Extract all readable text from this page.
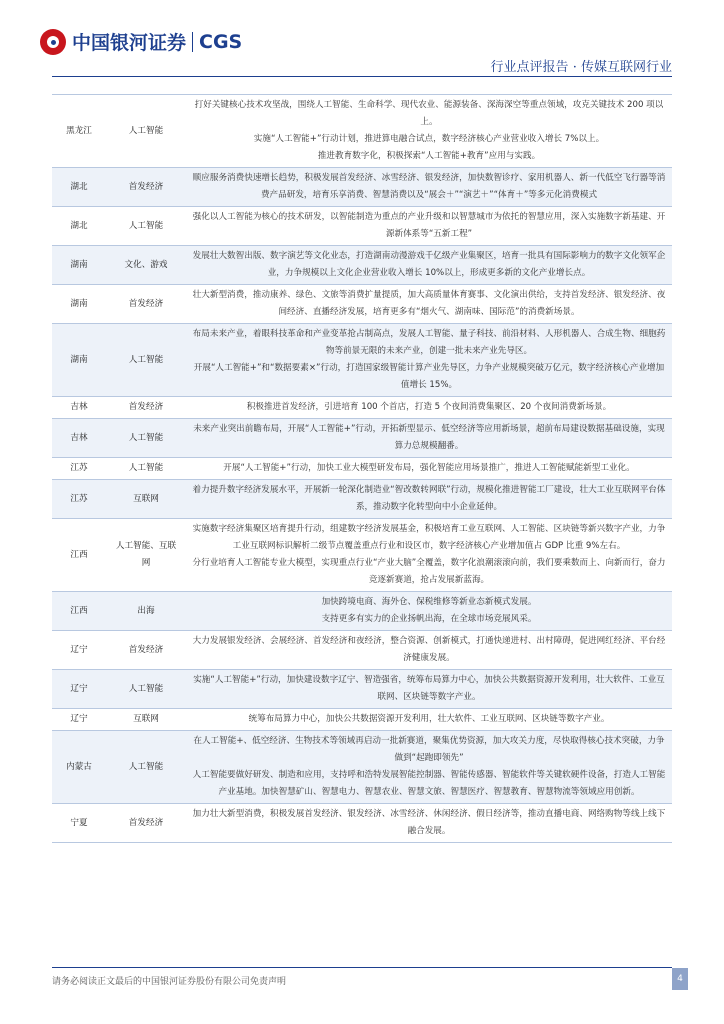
中国银河证券 CGS
行业点评报告 · 传媒互联网行业
黑龙江	人工智能	打好关键核心技术攻坚战，围绕人工智能、生命科学、现代农业、能源装备、深海深空等重点领域，攻克关键技术 200 项以上。

实施“人工智能+”行动计划，推进算电融合试点，数字经济核心产业营业收入增长 7%以上。

推进教育数字化，积极探索“人工智能+教育”应用与实践。

湖北	首发经济	顺应服务消费快速增长趋势，积极发展首发经济、冰雪经济、银发经济，加快数智诊疗、家用机器人、新一代低空飞行器等消费产品研发，培育乐享消费、智慧消费以及“展会＋”“演艺＋”“体育＋”等多元化消费模式

湖北	人工智能	强化以人工智能为核心的技术研发，以智能制造为重点的产业升级和以智慧城市为依托的智慧应用，深入实施数字新基建、开源新体系等“五新工程”

湖南	文化、游戏	发展壮大数智出版、数字演艺等文化业态，打造湖南动漫游戏千亿级产业集聚区，培育一批具有国际影响力的数字文化领军企业，力争规模以上文化企业营业收入增长 10%以上，形成更多新的文化产业增长点。

湖南	首发经济	壮大新型消费，推动康养、绿色、文旅等消费扩量提质，加大高质量体育赛事、文化演出供给，支持首发经济、银发经济、夜间经济、直播经济发展，培育更多有“烟火气、湖南味、国际范”的消费新场景。

湖南	人工智能	布局未来产业，着眼科技革命和产业变革抢占制高点，发展人工智能、量子科技、前沿材料、人形机器人、合成生物、细胞药物等前景无限的未来产业，创建一批未来产业先导区。

开展“人工智能+”和“数据要素×”行动，打造国家级智能计算产业先导区，力争产业规模突破万亿元，数字经济核心产业增加值增长 15%。

吉林	首发经济	积极推进首发经济，引进培育 100 个首店，打造 5 个夜间消费集聚区、20 个夜间消费新场景。

吉林	人工智能	未来产业突出前瞻布局，开展“人工智能+”行动，开拓新型显示、低空经济等应用新场景，超前布局建设数据基础设施，实现算力总规模翻番。

江苏	人工智能	开展“人工智能+”行动，加快工业大模型研发布局，强化智能应用场景推广，推进人工智能赋能新型工业化。

江苏	互联网	着力提升数字经济发展水平，开展新一轮深化制造业“智改数转网联”行动，规模化推进智能工厂建设，壮大工业互联网平台体系，推动数字化转型向中小企业延伸。

江西	人工智能、互联网	实施数字经济集聚区培育提升行动，组建数字经济发展基金，积极培育工业互联网、人工智能、区块链等新兴数字产业，力争工业互联网标识解析二级节点覆盖重点行业和设区市，数字经济核心产业增加值占 GDP 比重 9%左右。

分行业培育人工智能专业大模型，实现重点行业“产业大脑”全覆盖，数字化浪潮滚滚向前，我们要乘数而上、向新而行，奋力竞逐新赛道，抢占发展新蓝海。

江西	出海	加快跨境电商、海外仓、保税维修等新业态新模式发展。

支持更多有实力的企业扬帆出海，在全球市场竞展风采。

辽宁	首发经济	大力发展银发经济、会展经济、首发经济和夜经济，整合资源、创新模式，打通快递进村、出村障碍，促进网红经济、平台经济健康发展。

辽宁	人工智能	实施“人工智能+”行动，加快建设数字辽宁、智造强省，统筹布局算力中心，加快公共数据资源开发利用，壮大软件、工业互联网、区块链等数字产业。

辽宁	互联网	统筹布局算力中心，加快公共数据资源开发利用，壮大软件、工业互联网、区块链等数字产业。

内蒙古	人工智能	在人工智能+、低空经济、生物技术等领域再启动一批新赛道，聚集优势资源，加大攻关力度，尽快取得核心技术突破，力争做到“起跑即领先”

人工智能要做好研发、制造和应用，支持呼和浩特发展智能控制器、智能传感器、智能软件等关键软硬件设备，打造人工智能产业基地。加快智慧矿山、智慧电力、智慧农业、智慧文旅、智慧医疗、智慧教育、智慧物流等领域应用创新。

宁夏	首发经济	加力壮大新型消费，积极发展首发经济、银发经济、冰雪经济、休闲经济、假日经济等，推动直播电商、网络购物等线上线下融合发展。

请务必阅读正文最后的中国银河证券股份有限公司免责声明	4
